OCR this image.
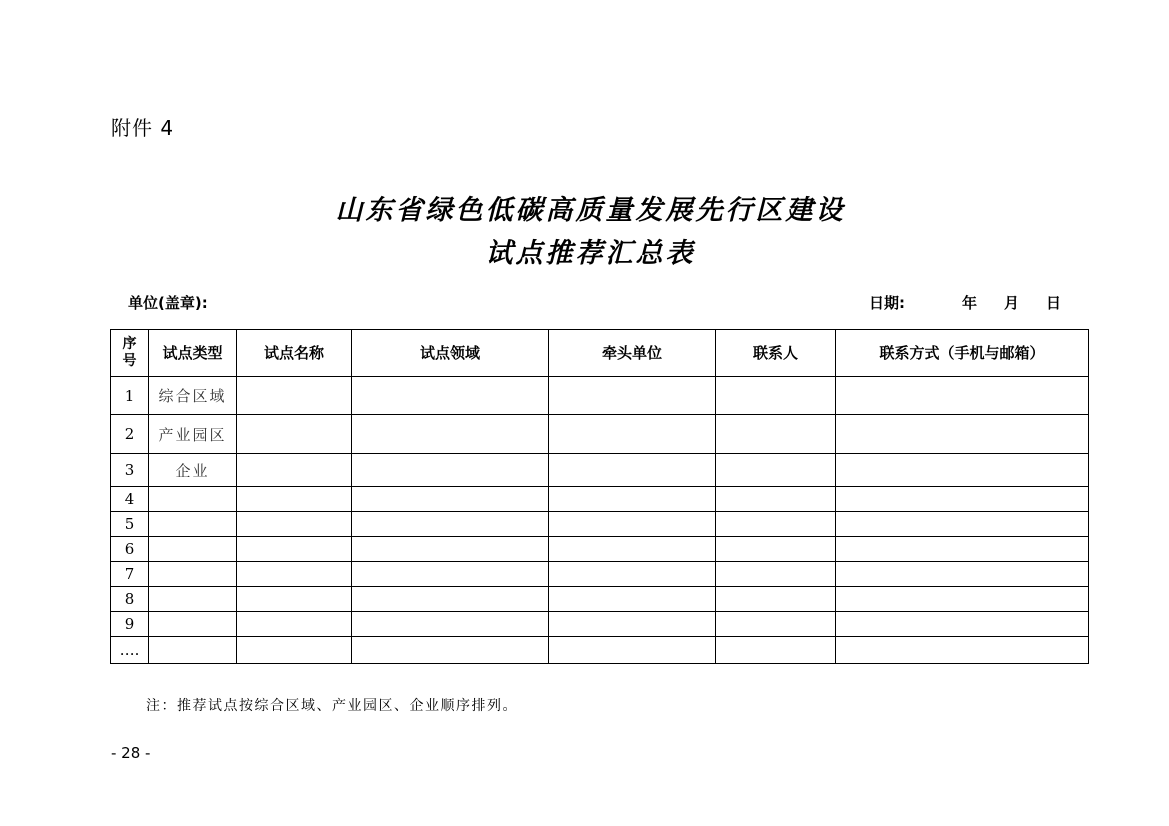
附件 4
山东省绿色低碳高质量发展先行区建设
试点推荐汇总表
单位(盖章):	日期:	年 月 日
序号	试点类型	试点名称	试点领域	牵头单位	联系人	联系方式（手机与邮箱）
1	综合区域					
2	产业园区					
3	企业					
4						
5						
6						
7						
8						
9						
….						
注：推荐试点按综合区域、产业园区、企业顺序排列。
- 28 -
